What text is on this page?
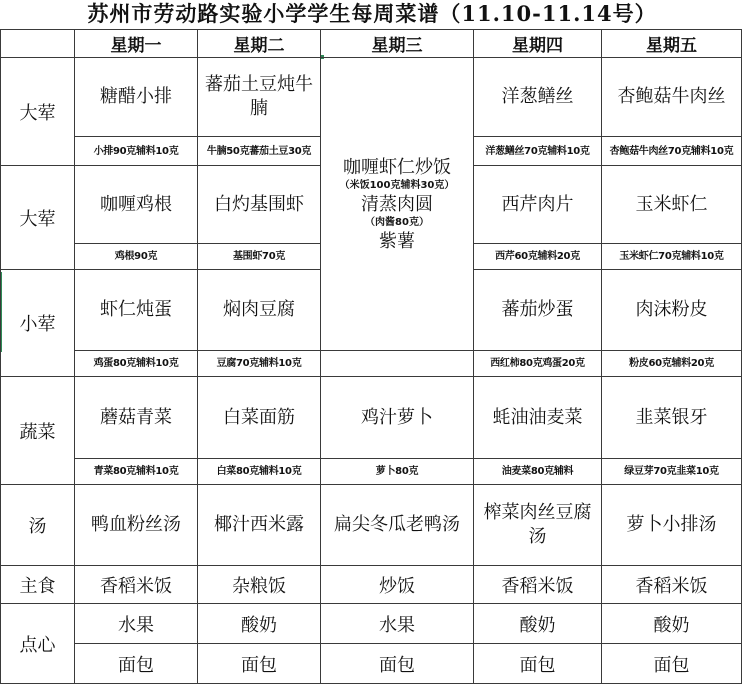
苏州市劳动路实验小学学生每周菜谱（11.10-11.14号）
	星期一	星期二	星期三	星期四	星期五
大荤	糖醋小排	蕃茄土豆炖牛腩	咖喱虾仁炒饭
（米饭100克辅料30克）
清蒸肉圆
（肉酱80克）
紫薯	洋葱鳝丝	杏鲍菇牛肉丝
	小排90克辅料10克	牛腩50克蕃茄土豆30克		洋葱鳝丝70克辅料10克	杏鲍菇牛肉丝70克辅料10克
大荤	咖喱鸡根	白灼基围虾		西芹肉片	玉米虾仁
	鸡根90克	基围虾70克		西芹60克辅料20克	玉米虾仁70克辅料10克
小荤	虾仁炖蛋	焖肉豆腐		蕃茄炒蛋	肉沫粉皮
	鸡蛋80克辅料10克	豆腐70克辅料10克		西红柿80克鸡蛋20克	粉皮60克辅料20克
蔬菜	蘑菇青菜	白菜面筋	鸡汁萝卜	蚝油油麦菜	韭菜银牙
	青菜80克辅料10克	白菜80克辅料10克	萝卜80克	油麦菜80克辅料	绿豆芽70克韭菜10克
汤	鸭血粉丝汤	椰汁西米露	扁尖冬瓜老鸭汤	榨菜肉丝豆腐汤	萝卜小排汤
主食	香稻米饭	杂粮饭	炒饭	香稻米饭	香稻米饭
点心	水果	酸奶	水果	酸奶	酸奶
	面包	面包	面包	面包	面包
